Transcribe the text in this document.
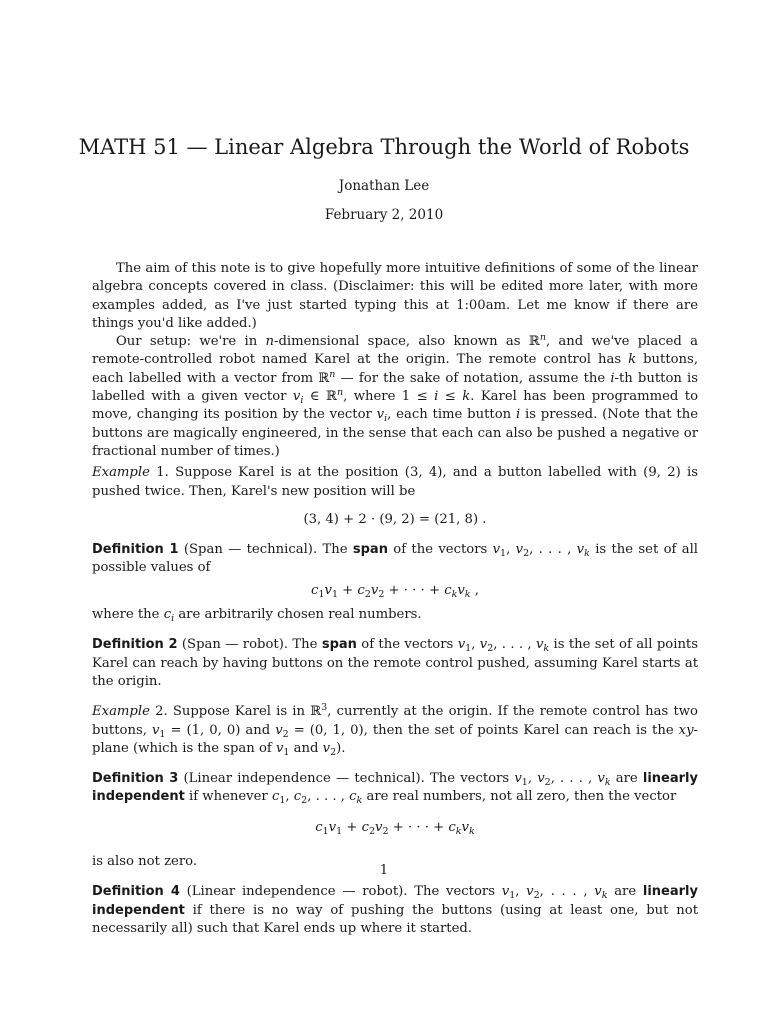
MATH 51 — Linear Algebra Through the World of Robots
Jonathan Lee
February 2, 2010

The aim of this note is to give hopefully more intuitive definitions of some of the linear algebra concepts covered in class. (Disclaimer: this will be edited more later, with more examples added, as I've just started typing this at 1:00am. Let me know if there are things you'd like added.)

Our setup: we're in n-dimensional space, also known as ℝ$^n$, and we've placed a remote-controlled robot named Karel at the origin. The remote control has k buttons, each labelled with a vector from ℝ$^n$ — for the sake of notation, assume the i-th button is labelled with a given vector $v_i$ ∈ ℝ$^n$, where 1 ≤ i ≤ k. Karel has been programmed to move, changing its position by the vector $v_i$, each time button i is pressed. (Note that the buttons are magically engineered, in the sense that each can also be pushed a negative or fractional number of times.)

Example 1. Suppose Karel is at the position (3, 4), and a button labelled with (9, 2) is pushed twice. Then, Karel's new position will be

(3, 4) + 2 · (9, 2) = (21, 8) .

Definition 1 (Span — technical). The span of the vectors $v_1$, $v_2$, . . . , $v_k$ is the set of all possible values of

$c_1v_1 + c_2v_2$ + · · · + $c_kv_k$ ,

where the $c_i$ are arbitrarily chosen real numbers.

Definition 2 (Span — robot). The span of the vectors $v_1$, $v_2$, . . . , $v_k$ is the set of all points Karel can reach by having buttons on the remote control pushed, assuming Karel starts at the origin.

Example 2. Suppose Karel is in ℝ$^3$, currently at the origin. If the remote control has two buttons, $v_1 = (1$, 0, 0) and $v_2 = (0$, 1, 0), then the set of points Karel can reach is the xy-plane (which is the span of $v_1$ and $v_2$).

Definition 3 (Linear independence — technical). The vectors $v_1$, $v_2$, . . . , $v_k$ are linearly independent if whenever $c_1$, $c_2$, . . . , $c_k$ are real numbers, not all zero, then the vector

$c_1v_1 + c_2v_2$ + · · · + $c_kv_k$

is also not zero.

Definition 4 (Linear independence — robot). The vectors $v_1$, $v_2$, . . . , $v_k$ are linearly independent if there is no way of pushing the buttons (using at least one, but not necessarily all) such that Karel ends up where it started.

1
